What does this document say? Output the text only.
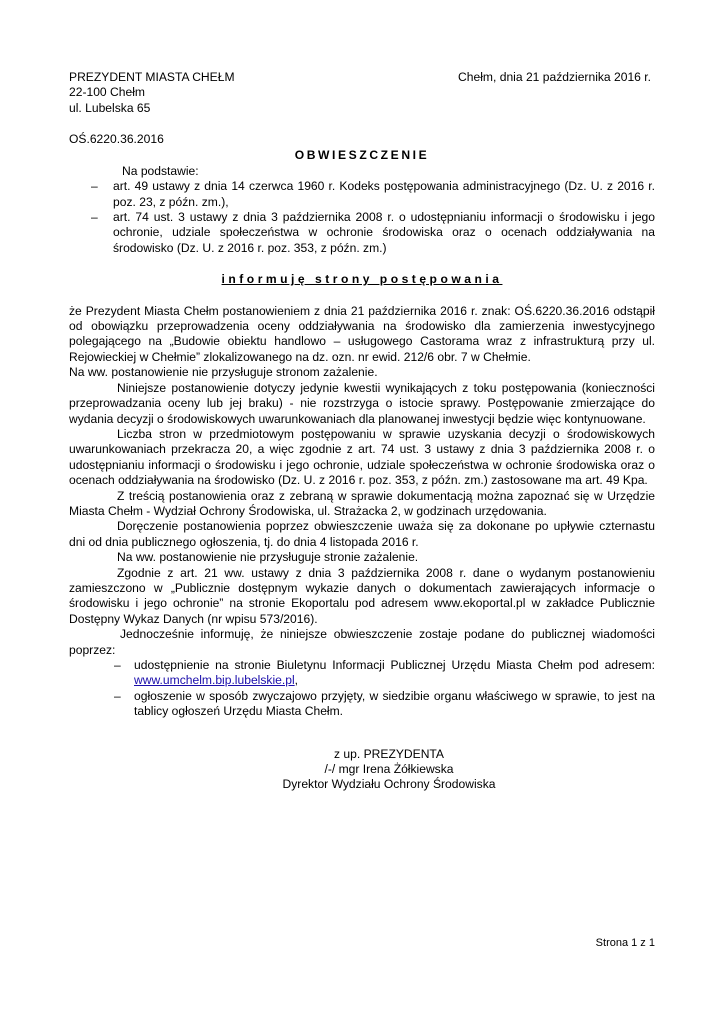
PREZYDENT MIASTA CHEŁM
22-100 Chełm
ul. Lubelska 65
Chełm, dnia 21 października 2016 r.
OŚ.6220.36.2016
OBWIESZCZENIE
Na podstawie:
– art. 49 ustawy z dnia 14 czerwca 1960 r. Kodeks postępowania administracyjnego (Dz. U. z 2016 r. poz. 23, z późn. zm.),
– art. 74 ust. 3 ustawy z dnia 3 października 2008 r. o udostępnianiu informacji o środowisku i jego ochronie, udziale społeczeństwa w ochronie środowiska oraz o ocenach oddziaływania na środowisko (Dz. U. z 2016 r. poz. 353, z późn. zm.)
informuję strony postępowania

że Prezydent Miasta Chełm postanowieniem z dnia 21 października 2016 r. znak: OŚ.6220.36.2016 odstąpił od obowiązku przeprowadzenia oceny oddziaływania na środowisko dla zamierzenia inwestycyjnego polegającego na „Budowie obiektu handlowo – usługowego Castorama wraz z infrastrukturą przy ul. Rejowieckiej w Chełmie” zlokalizowanego na dz. ozn. nr ewid. 212/6 obr. 7 w Chełmie.

Na ww. postanowienie nie przysługuje stronom zażalenie.

Niniejsze postanowienie dotyczy jedynie kwestii wynikających z toku postępowania (konieczności przeprowadzania oceny lub jej braku) - nie rozstrzyga o istocie sprawy. Postępowanie zmierzające do wydania decyzji o środowiskowych uwarunkowaniach dla planowanej inwestycji będzie więc kontynuowane.

Liczba stron w przedmiotowym postępowaniu w sprawie uzyskania decyzji o środowiskowych uwarunkowaniach przekracza 20, a więc zgodnie z art. 74 ust. 3 ustawy z dnia 3 października 2008 r. o udostępnianiu informacji o środowisku i jego ochronie, udziale społeczeństwa w ochronie środowiska oraz o ocenach oddziaływania na środowisko (Dz. U. z 2016 r. poz. 353, z późn. zm.) zastosowane ma art. 49 Kpa.

Z treścią postanowienia oraz z zebraną w sprawie dokumentacją można zapoznać się w Urzędzie Miasta Chełm - Wydział Ochrony Środowiska, ul. Strażacka 2, w godzinach urzędowania.

Doręczenie postanowienia poprzez obwieszczenie uważa się za dokonane po upływie czternastu dni od dnia publicznego ogłoszenia, tj. do dnia 4 listopada 2016 r.

Na ww. postanowienie nie przysługuje stronie zażalenie.

Zgodnie z art. 21 ww. ustawy z dnia 3 października 2008 r. dane o wydanym postanowieniu zamieszczono w „Publicznie dostępnym wykazie danych o dokumentach zawierających informacje o środowisku i jego ochronie” na stronie Ekoportalu pod adresem www.ekoportal.pl w zakładce Publicznie Dostępny Wykaz Danych (nr wpisu 573/2016).

Jednocześnie informuję, że niniejsze obwieszczenie zostaje podane do publicznej wiadomości poprzez:

– udostępnienie na stronie Biuletynu Informacji Publicznej Urzędu Miasta Chełm pod adresem: www.umchelm.bip.lubelskie.pl,
– ogłoszenie w sposób zwyczajowo przyjęty, w siedzibie organu właściwego w sprawie, to jest na tablicy ogłoszeń Urzędu Miasta Chełm.
z up. PREZYDENTA
/-/ mgr Irena Żółkiewska
Dyrektor Wydziału Ochrony Środowiska
Strona 1 z 1
